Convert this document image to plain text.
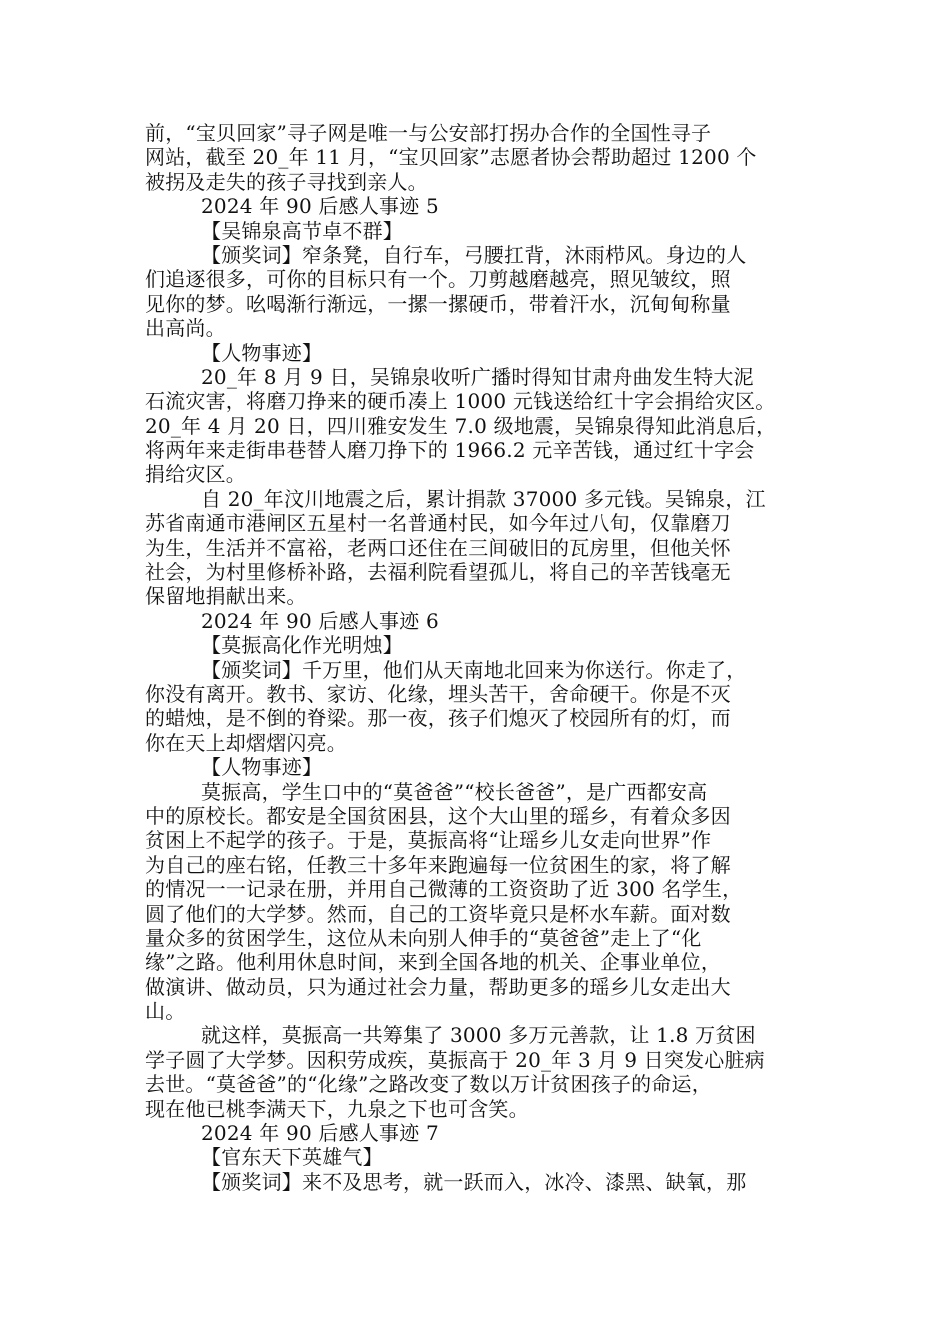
前，“宝贝回家”寻子网是唯一与公安部打拐办合作的全国性寻子
网站，截至 20_年 11 月，“宝贝回家”志愿者协会帮助超过 1200 个
被拐及走失的孩子寻找到亲人。
2024 年 90 后感人事迹 5
【吴锦泉高节卓不群】
【颁奖词】窄条凳，自行车，弓腰扛背，沐雨栉风。身边的人
们追逐很多，可你的目标只有一个。刀剪越磨越亮，照见皱纹，照
见你的梦。吆喝渐行渐远，一摞一摞硬币，带着汗水，沉甸甸称量
出高尚。
【人物事迹】
20_年 8 月 9 日，吴锦泉收听广播时得知甘肃舟曲发生特大泥
石流灾害，将磨刀挣来的硬币凑上 1000 元钱送给红十字会捐给灾区。
20_年 4 月 20 日，四川雅安发生 7.0 级地震，吴锦泉得知此消息后，
将两年来走街串巷替人磨刀挣下的 1966.2 元辛苦钱，通过红十字会
捐给灾区。
自 20_年汶川地震之后，累计捐款 37000 多元钱。吴锦泉，江
苏省南通市港闸区五星村一名普通村民，如今年过八旬，仅靠磨刀
为生，生活并不富裕，老两口还住在三间破旧的瓦房里，但他关怀
社会，为村里修桥补路，去福利院看望孤儿，将自己的辛苦钱毫无
保留地捐献出来。
2024 年 90 后感人事迹 6
【莫振高化作光明烛】
【颁奖词】千万里，他们从天南地北回来为你送行。你走了，
你没有离开。教书、家访、化缘，埋头苦干，舍命硬干。你是不灭
的蜡烛，是不倒的脊梁。那一夜，孩子们熄灭了校园所有的灯，而
你在天上却熠熠闪亮。
【人物事迹】
莫振高，学生口中的“莫爸爸”“校长爸爸”，是广西都安高
中的原校长。都安是全国贫困县，这个大山里的瑶乡，有着众多因
贫困上不起学的孩子。于是，莫振高将“让瑶乡儿女走向世界”作
为自己的座右铭，任教三十多年来跑遍每一位贫困生的家，将了解
的情况一一记录在册，并用自己微薄的工资资助了近 300 名学生，
圆了他们的大学梦。然而，自己的工资毕竟只是杯水车薪。面对数
量众多的贫困学生，这位从未向别人伸手的“莫爸爸”走上了“化
缘”之路。他利用休息时间，来到全国各地的机关、企事业单位，
做演讲、做动员，只为通过社会力量，帮助更多的瑶乡儿女走出大
山。
就这样，莫振高一共筹集了 3000 多万元善款，让 1.8 万贫困
学子圆了大学梦。因积劳成疾，莫振高于 20_年 3 月 9 日突发心脏病
去世。“莫爸爸”的“化缘”之路改变了数以万计贫困孩子的命运，
现在他已桃李满天下，九泉之下也可含笑。
2024 年 90 后感人事迹 7
【官东天下英雄气】
【颁奖词】来不及思考，就一跃而入，冰冷、漆黑、缺氧，那
